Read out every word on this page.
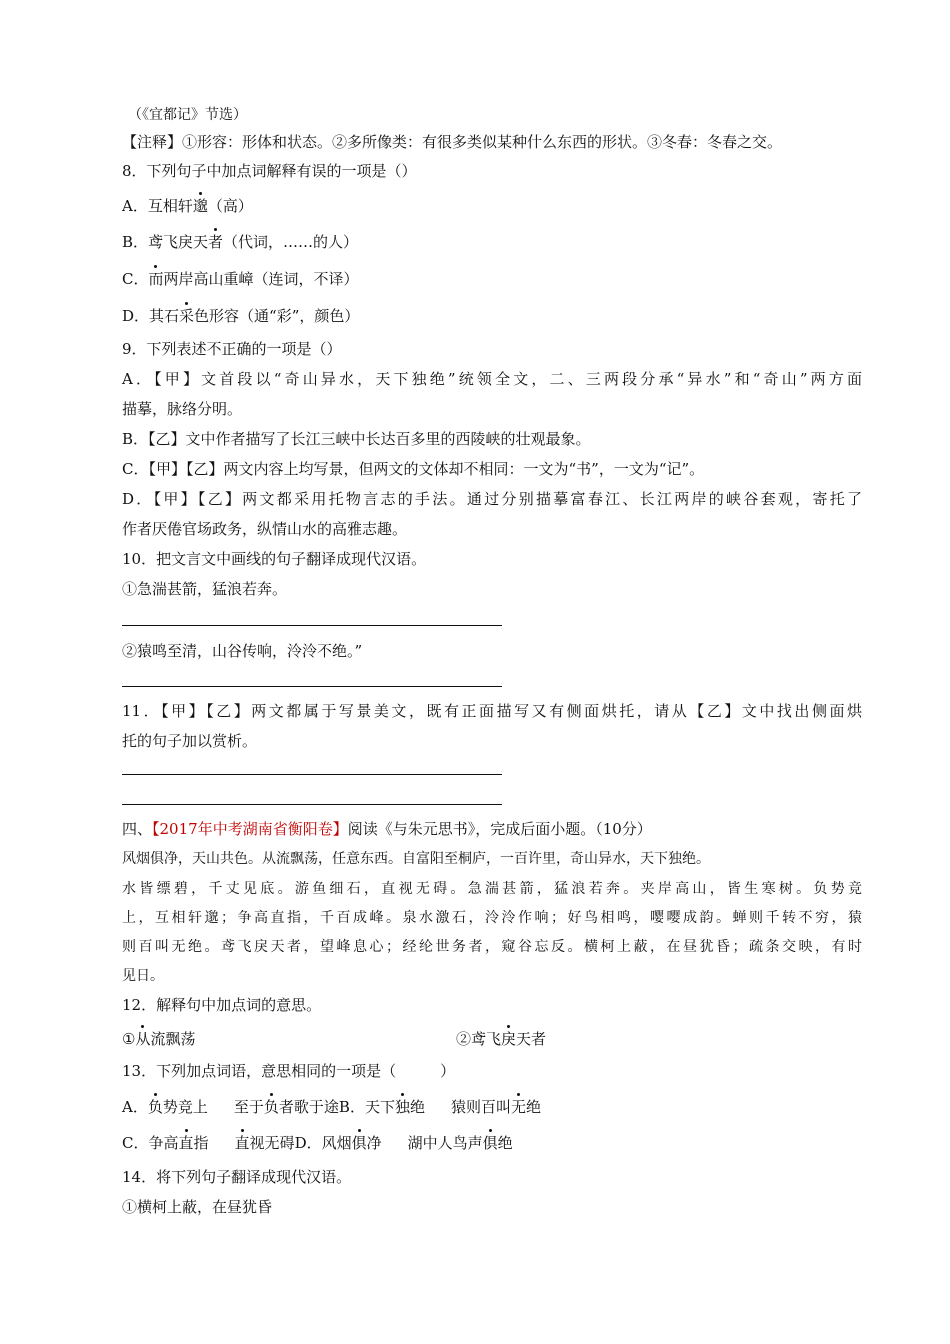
（《宜都记》节选）
【注释】①形容：形体和状态。②多所像类：有很多类似某种什么东西的形状。③冬春：冬春之交。
8．下列句子中加点词解释有误的一项是（）
A．互相轩邈（高）
B．鸢飞戾天者（代词，……的人）
C．而两岸高山重嶂（连词，不译）
D．其石采色形容（通“彩”，颜色）
9．下列表述不正确的一项是（）
A．【甲】文首段以“奇山异水，天下独绝”统领全文，二、三两段分承“异水”和“奇山”两方面
描摹，脉络分明。
B．【乙】文中作者描写了长江三峡中长达百多里的西陵峡的壮观最象。
C．【甲】【乙】两文内容上均写景，但两文的文体却不相同：一文为“书”，一文为“记”。
D．【甲】【乙】两文都采用托物言志的手法。通过分别描摹富春江、长江两岸的峡谷套观，寄托了
作者厌倦官场政务，纵情山水的高雅志趣。
10．把文言文中画线的句子翻译成现代汉语。
①急湍甚箭，猛浪若奔。
②猿鸣至清，山谷传响，泠泠不绝。”
11．【甲】【乙】两文都属于写景美文，既有正面描写又有侧面烘托，请从【乙】文中找出侧面烘
托的句子加以赏析。
四、【2017年中考湖南省衡阳卷】阅读《与朱元思书》，完成后面小题。（10分）
风烟俱净，天山共色。从流飘荡，任意东西。自富阳至桐庐，一百许里，奇山异水，天下独绝。
水皆缥碧，千丈见底。游鱼细石，直视无碍。急湍甚箭，猛浪若奔。夹岸高山，皆生寒树。负势竞
上，互相轩邈；争高直指，千百成峰。泉水激石，泠泠作响；好鸟相鸣，嘤嘤成韵。蝉则千转不穷，猿
则百叫无绝。鸢飞戾天者，望峰息心；经纶世务者，窥谷忘反。横柯上蔽，在昼犹昏；疏条交映，有时
见日。
12．解释句中加点词的意思。
①从流飘荡	②鸢飞戾天者
13．下列加点词语，意思相同的一项是（	）
A．负势竞上 至于负者歌于途B．天下独绝 猿则百叫无绝
C．争高直指 直视无碍D．风烟俱净 湖中人鸟声俱绝
14．将下列句子翻译成现代汉语。
①横柯上蔽，在昼犹昏
